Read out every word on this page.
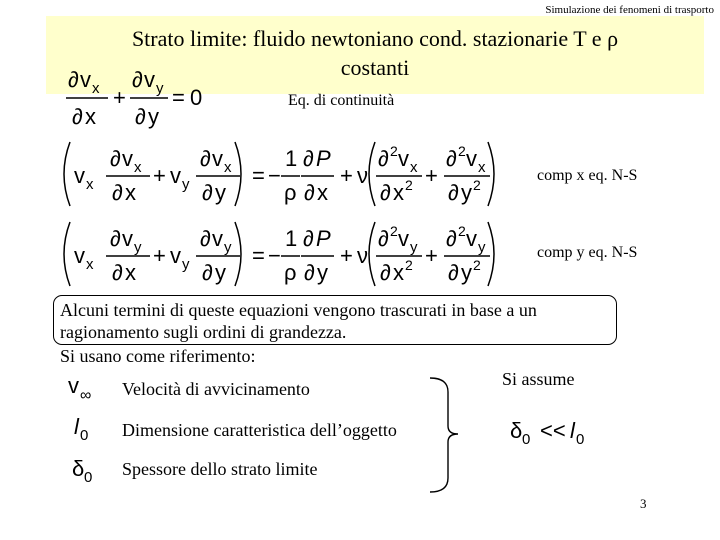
Simulazione dei fenomeni di trasporto
Strato limite: fluido newtoniano cond. stazionarie T e ρ
costanti
∂ v x
∂ x
+
∂ v y
∂ y
= 0	Eq. di continuità
v x
∂ v x
∂ x
+ v y
∂ v x
∂ y
= −
1
ρ
∂ P
∂ x
+ ν
∂ 2 v x
∂ x 2 +
∂ 2 v x
∂ y 2
comp x eq. N-S
v x
∂ v y
∂ x
+ v y
∂ v y
∂ y
= −
1
ρ
∂ P
∂ y
+ ν
∂ 2 v y
∂ x 2 +
∂ 2 v y
∂ y 2
comp y eq. N-S
Alcuni termini di queste equazioni vengono trascurati in base a un
ragionamento sugli ordini di grandezza.
Si usano come riferimento:
Si assume
v ∞
l 0
δ 0
δ 0 << l 0
Velocità di avvicinamento
Dimensione caratteristica dell’oggetto
Spessore dello strato limite
3
